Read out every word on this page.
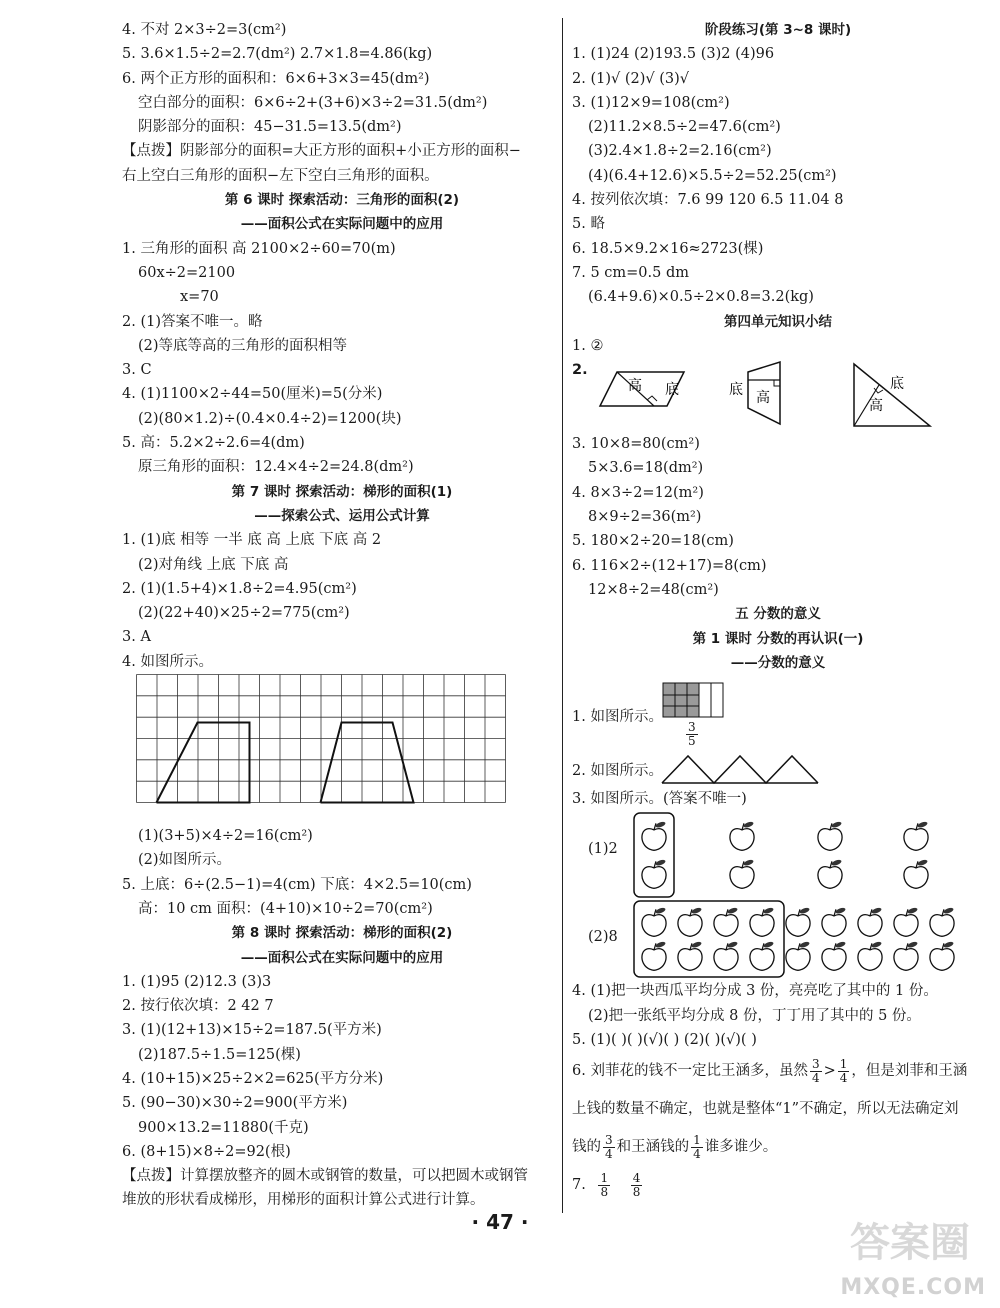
4. 不对 2×3÷2=3(cm²)
5. 3.6×1.5÷2=2.7(dm²) 2.7×1.8=4.86(kg)
6. 两个正方形的面积和：6×6+3×3=45(dm²)
空白部分的面积：6×6÷2+(3+6)×3÷2=31.5(dm²)
阴影部分的面积：45−31.5=13.5(dm²)
【点拨】阴影部分的面积=大正方形的面积+小正方形的面积−
右上空白三角形的面积−左下空白三角形的面积。
第 6 课时 探索活动：三角形的面积(2)
——面积公式在实际问题中的应用
1. 三角形的面积 高 2100×2÷60=70(m)
60x÷2=2100
x=70
2. (1)答案不唯一。略
(2)等底等高的三角形的面积相等
3. C
4. (1)1100×2÷44=50(厘米)=5(分米)
(2)(80×1.2)÷(0.4×0.4÷2)=1200(块)
5. 高：5.2×2÷2.6=4(dm)
原三角形的面积：12.4×4÷2=24.8(dm²)
第 7 课时 探索活动：梯形的面积(1)
——探索公式、运用公式计算
1. (1)底 相等 一半 底 高 上底 下底 高 2
(2)对角线 上底 下底 高
2. (1)(1.5+4)×1.8÷2=4.95(cm²)
(2)(22+40)×25÷2=775(cm²)
3. A
4. 如图所示。
(1)(3+5)×4÷2=16(cm²)
(2)如图所示。
5. 上底：6÷(2.5−1)=4(cm) 下底：4×2.5=10(cm)
高：10 cm 面积：(4+10)×10÷2=70(cm²)
第 8 课时 探索活动：梯形的面积(2)
——面积公式在实际问题中的应用
1. (1)95 (2)12.3 (3)3
2. 按行依次填：2 42 7
3. (1)(12+13)×15÷2=187.5(平方米)
(2)187.5÷1.5=125(棵)
4. (10+15)×25÷2×2=625(平方分米)
5. (90−30)×30÷2=900(平方米)
900×13.2=11880(千克)
6. (8+15)×8÷2=92(根)
【点拨】计算摆放整齐的圆木或钢管的数量，可以把圆木或钢管
堆放的形状看成梯形，用梯形的面积计算公式进行计算。
阶段练习(第 3~8 课时)
1. (1)24 (2)193.5 (3)2 (4)96
2. (1)√ (2)√ (3)√
3. (1)12×9=108(cm²)
(2)11.2×8.5÷2=47.6(cm²)
(3)2.4×1.8÷2=2.16(cm²)
(4)(6.4+12.6)×5.5÷2=52.25(cm²)
4. 按列依次填：7.6 99 120 6.5 11.04 8
5. 略
6. 18.5×9.2×16≈2723(棵)
7. 5 cm=0.5 dm
(6.4+9.6)×0.5÷2×0.8=3.2(kg)
第四单元知识小结
1. ②
2.
高 底	底 高
底
高
3. 10×8=80(cm²)
5×3.6=18(dm²)
4. 8×3÷2=12(m²)
8×9÷2=36(m²)
5. 180×2÷20=18(cm)
6. 116×2÷(12+17)=8(cm)
12×8÷2=48(cm²)
五 分数的意义
第 1 课时 分数的再认识(一)
——分数的意义
1. 如图所示。
$\frac{3}{5}$
2. 如图所示。
3. 如图所示。(答案不唯一)
(1)2
(2)8
4. (1)把一块西瓜平均分成 3 份，亮亮吃了其中的 1 份。
(2)把一张纸平均分成 8 份，丁丁用了其中的 5 份。
5. (1)( )( )(√)( ) (2)( )(√)( )
6. 刘菲花的钱不一定比王涵多，虽然 $\frac{3}{4} > \frac{1}{4}$ ，但是刘菲和王涵
上钱的数量不确定，也就是整体“1”不确定，所以无法确定刘
钱的 $\frac{3}{4}$ 和王涵钱的 $\frac{1}{4}$ 谁多谁少。
7. $\frac{1}{8}$
$\frac{4}{8}$
· 47 ·	答案圈
MXQE.COM
